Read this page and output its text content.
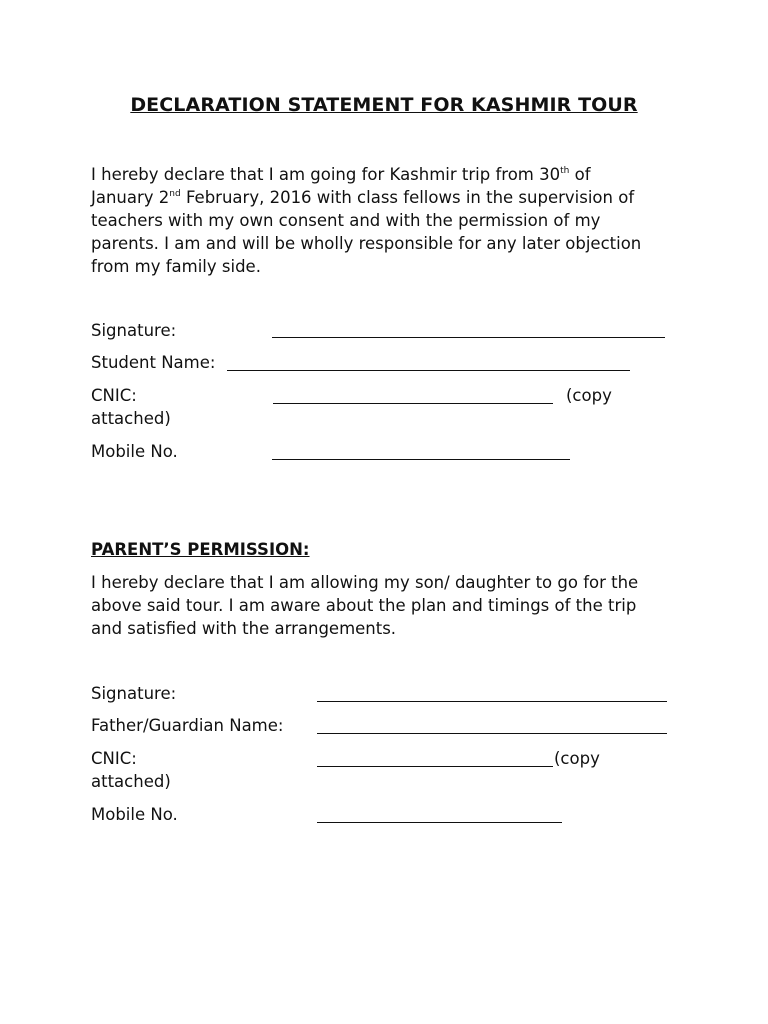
DECLARATION STATEMENT FOR KASHMIR TOUR

I hereby declare that I am going for Kashmir trip from 30th of
January 2nd February, 2016 with class fellows in the supervision of
teachers with my own consent and with the permission of my
parents. I am and will be wholly responsible for any later objection
from my family side.

Signature:
Student Name:
CNIC:	(copy
attached)
Mobile No.
PARENT’S PERMISSION:

I hereby declare that I am allowing my son/ daughter to go for the
above said tour. I am aware about the plan and timings of the trip
and satisfied with the arrangements.

Signature:
Father/Guardian Name:
CNIC:	(copy
attached)
Mobile No.
